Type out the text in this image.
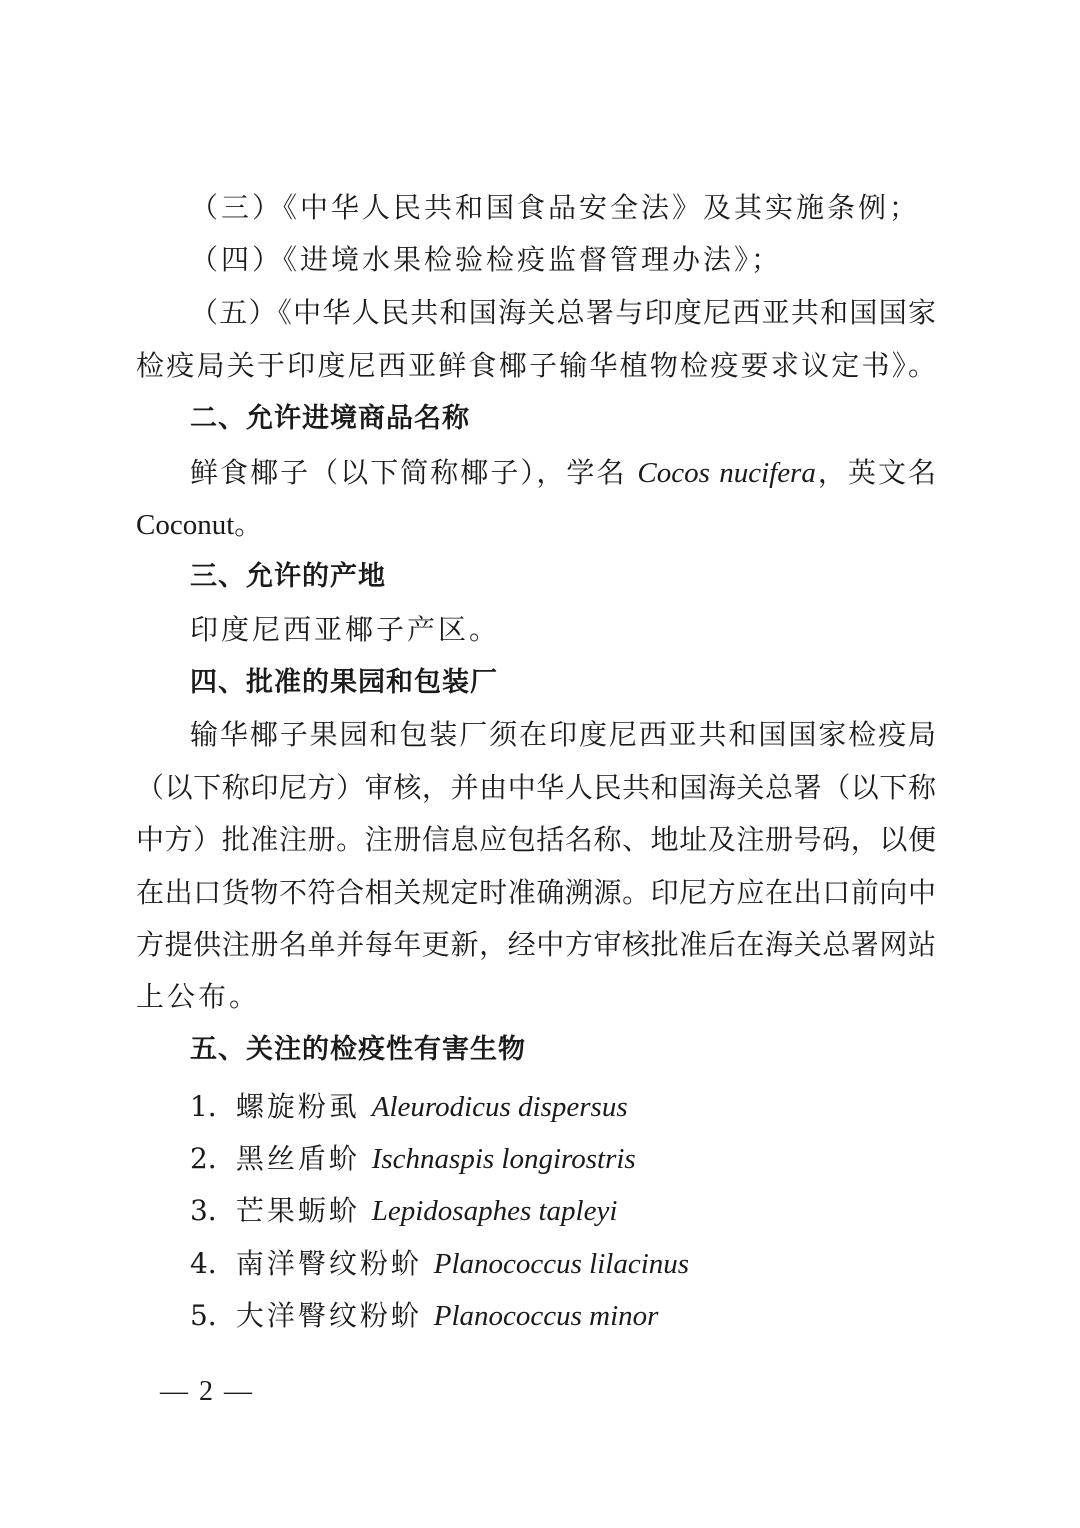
（三）《中华人民共和国食品安全法》及其实施条例；
（四）《进境水果检验检疫监督管理办法》；
（五）《中华人民共和国海关总署与印度尼西亚共和国国家
检疫局关于印度尼西亚鲜食椰子输华植物检疫要求议定书》。
二、允许进境商品名称
鲜食椰子（以下简称椰子），学名 Cocos nucifera，英文名
Coconut。
三、允许的产地
印度尼西亚椰子产区。
四、批准的果园和包装厂
输华椰子果园和包装厂须在印度尼西亚共和国国家检疫局
（以下称印尼方）审核，并由中华人民共和国海关总署（以下称
中方）批准注册。注册信息应包括名称、地址及注册号码，以便
在出口货物不符合相关规定时准确溯源。印尼方应在出口前向中
方提供注册名单并每年更新，经中方审核批准后在海关总署网站
上公布。
五、关注的检疫性有害生物
1．螺旋粉虱 Aleurodicus dispersus
2．黑丝盾蚧 Ischnaspis longirostris
3．芒果蛎蚧 Lepidosaphes tapleyi
4．南洋臀纹粉蚧 Planococcus lilacinus
5．大洋臀纹粉蚧 Planococcus minor
— 2 —
